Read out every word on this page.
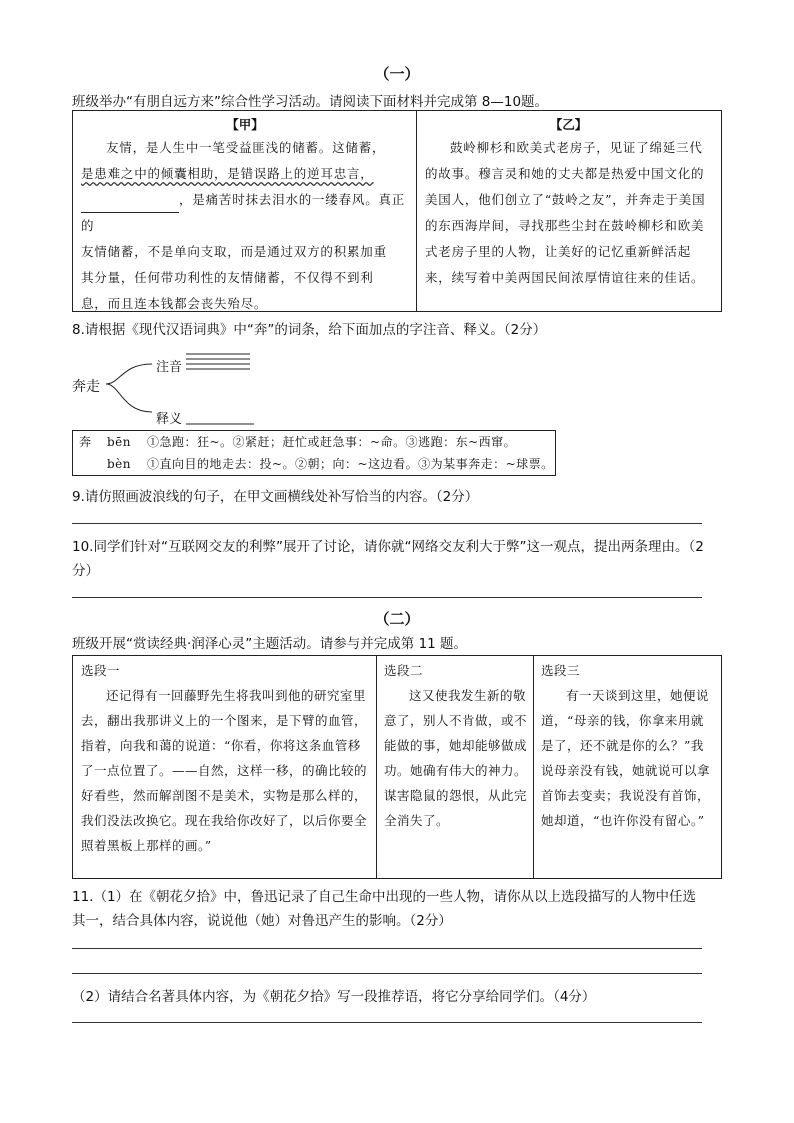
（一）
班级举办“有朋自远方来”综合性学习活动。请阅读下面材料并完成第 8—10题。
【甲】

友情，是人生中一笔受益匪浅的储蓄。这储蓄，

是患难之中的倾囊相助，是错误路上的逆耳忠言，

，是痛苦时抹去泪水的一缕春风。真正的

友情储蓄，不是单向支取，而是通过双方的积累加重

其分量，任何带功利性的友情储蓄，不仅得不到利

息，而且连本钱都会丧失殆尽。

【乙】
鼓岭柳杉和欧美式老房子，见证了绵延三代的故事。穆言灵和她的丈夫都是热爱中国文化的美国人，他们创立了“鼓岭之友”，并奔走于美国的东西海岸间，寻找那些尘封在鼓岭柳杉和欧美式老房子里的人物，让美好的记忆重新鲜活起来，续写着中美两国民间浓厚情谊往来的佳话。
8.请根据《现代汉语词典》中“奔”的词条，给下面加点的字注音、释义。（2分）
奔走
注音
释义
奔 bēn ①急跑：狂~。②紧赶；赶忙或赶急事：~命。③逃跑：东~西窜。
bèn ①直向目的地走去：投~。②朝；向：~这边看。③为某事奔走：~球票。
9.请仿照画波浪线的句子，在甲文画横线处补写恰当的内容。（2分）
10.同学们针对“互联网交友的利弊”展开了讨论，请你就“网络交友利大于弊”这一观点，提出两条理由。（2
分）
（二）
班级开展“赏读经典·润泽心灵”主题活动。请参与并完成第 11 题。
选段一
还记得有一回藤野先生将我叫到他的研究室里去，翻出我那讲义上的一个图来，是下臂的血管，指着，向我和蔼的说道：“你看，你将这条血管移了一点位置了。——自然，这样一移，的确比较的好看些，然而解剖图不是美术，实物是那么样的，我们没法改换它。现在我给你改好了，以后你要全照着黑板上那样的画。”
选段二
这又使我发生新的敬意了，别人不肯做，或不能做的事，她却能够做成功。她确有伟大的神力。谋害隐鼠的怨恨，从此完全消失了。
选段三
有一天谈到这里，她便说道，“母亲的钱，你拿来用就是了，还不就是你的么？”我说母亲没有钱，她就说可以拿首饰去变卖；我说没有首饰，她却道，“也许你没有留心。”
11.（1）在《朝花夕拾》中，鲁迅记录了自己生命中出现的一些人物，请你从以上选段描写的人物中任选
其一，结合具体内容，说说他（她）对鲁迅产生的影响。（2分）
（2）请结合名著具体内容，为《朝花夕拾》写一段推荐语，将它分享给同学们。（4分）
